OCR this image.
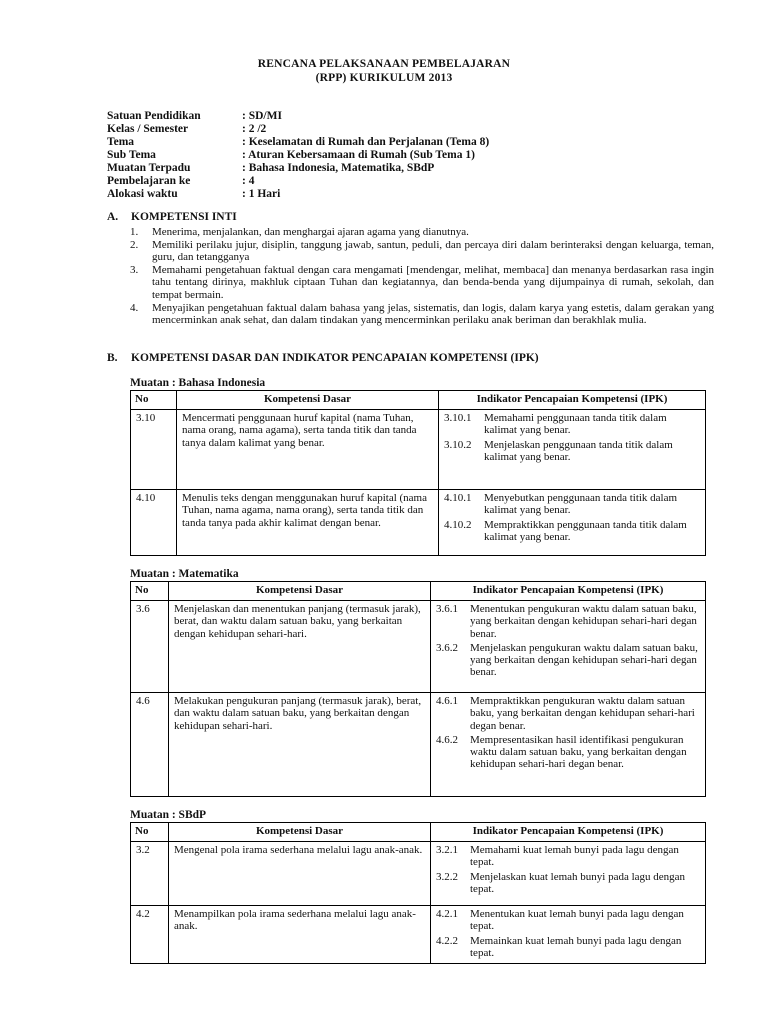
RENCANA PELAKSANAAN PEMBELAJARAN
(RPP) KURIKULUM 2013
Satuan Pendidikan	: SD/MI
Kelas / Semester	: 2 /2
Tema	: Keselamatan di Rumah dan Perjalanan (Tema 8)
Sub Tema	: Aturan Kebersamaan di Rumah (Sub Tema 1)
Muatan Terpadu	: Bahasa Indonesia, Matematika, SBdP
Pembelajaran ke	: 4
Alokasi waktu	: 1 Hari
A. KOMPETENSI INTI
1. Menerima, menjalankan, dan menghargai ajaran agama yang dianutnya.
2. Memiliki perilaku jujur, disiplin, tanggung jawab, santun, peduli, dan percaya diri dalam berinteraksi dengan keluarga, teman, guru, dan tetangganya
3. Memahami pengetahuan faktual dengan cara mengamati [mendengar, melihat, membaca] dan menanya berdasarkan rasa ingin tahu tentang dirinya, makhluk ciptaan Tuhan dan kegiatannya, dan benda-benda yang dijumpainya di rumah, sekolah, dan tempat bermain.
4. Menyajikan pengetahuan faktual dalam bahasa yang jelas, sistematis, dan logis, dalam karya yang estetis, dalam gerakan yang mencerminkan anak sehat, dan dalam tindakan yang mencerminkan perilaku anak beriman dan berakhlak mulia.
B. KOMPETENSI DASAR DAN INDIKATOR PENCAPAIAN KOMPETENSI (IPK)
Muatan : Bahasa Indonesia
No	Kompetensi Dasar	Indikator Pencapaian Kompetensi (IPK)
3.10	Mencermati penggunaan huruf kapital (nama Tuhan, nama orang, nama agama), serta tanda titik dan tanda tanya dalam kalimat yang benar.	3.10.1 Memahami penggunaan tanda titik dalam kalimat yang benar.
3.10.2 Menjelaskan penggunaan tanda titik dalam kalimat yang benar.

4.10	Menulis teks dengan menggunakan huruf kapital (nama Tuhan, nama agama, nama orang), serta tanda titik dan tanda tanya pada akhir kalimat dengan benar.	4.10.1 Menyebutkan penggunaan tanda titik dalam kalimat yang benar.
4.10.2 Mempraktikkan penggunaan tanda titik dalam kalimat yang benar.
Muatan : Matematika
No	Kompetensi Dasar	Indikator Pencapaian Kompetensi (IPK)
3.6	Menjelaskan dan menentukan panjang (termasuk jarak), berat, dan waktu dalam satuan baku, yang berkaitan dengan kehidupan sehari-hari.	3.6.1 Menentukan pengukuran waktu dalam satuan baku, yang berkaitan dengan kehidupan sehari-hari degan benar.
3.6.2 Menjelaskan pengukuran waktu dalam satuan baku, yang berkaitan dengan kehidupan sehari-hari degan benar.

4.6	Melakukan pengukuran panjang (termasuk jarak), berat, dan waktu dalam satuan baku, yang berkaitan dengan kehidupan sehari-hari.	4.6.1 Mempraktikkan pengukuran waktu dalam satuan baku, yang berkaitan dengan kehidupan sehari-hari degan benar.
4.6.2 Mempresentasikan hasil identifikasi pengukuran waktu dalam satuan baku, yang berkaitan dengan kehidupan sehari-hari degan benar.
Muatan : SBdP
No	Kompetensi Dasar	Indikator Pencapaian Kompetensi (IPK)
3.2	Mengenal pola irama sederhana melalui lagu anak-anak.	3.2.1 Memahami kuat lemah bunyi pada lagu dengan tepat.
3.2.2 Menjelaskan kuat lemah bunyi pada lagu dengan tepat.

4.2	Menampilkan pola irama sederhana melalui lagu anak-anak.	4.2.1 Menentukan kuat lemah bunyi pada lagu dengan tepat.
4.2.2 Memainkan kuat lemah bunyi pada lagu dengan tepat.
